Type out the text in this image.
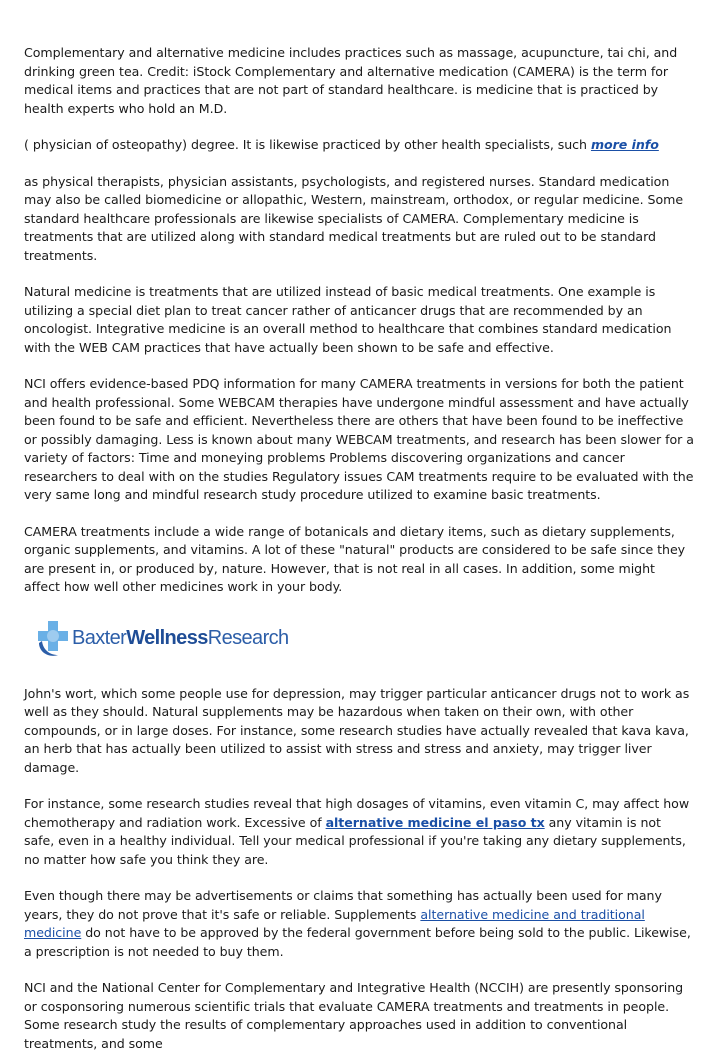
Complementary and alternative medicine includes practices such as massage, acupuncture, tai chi, and drinking green tea. Credit: iStock Complementary and alternative medication (CAMERA) is the term for medical items and practices that are not part of standard healthcare. is medicine that is practiced by health experts who hold an M.D.

( physician of osteopathy) degree. It is likewise practiced by other health specialists, such more info

as physical therapists, physician assistants, psychologists, and registered nurses. Standard medication may also be called biomedicine or allopathic, Western, mainstream, orthodox, or regular medicine. Some standard healthcare professionals are likewise specialists of CAMERA. Complementary medicine is treatments that are utilized along with standard medical treatments but are ruled out to be standard treatments.

Natural medicine is treatments that are utilized instead of basic medical treatments. One example is utilizing a special diet plan to treat cancer rather of anticancer drugs that are recommended by an oncologist. Integrative medicine is an overall method to healthcare that combines standard medication with the WEB CAM practices that have actually been shown to be safe and effective.

NCI offers evidence-based PDQ information for many CAMERA treatments in versions for both the patient and health professional. Some WEBCAM therapies have undergone mindful assessment and have actually been found to be safe and efficient. Nevertheless there are others that have been found to be ineffective or possibly damaging. Less is known about many WEBCAM treatments, and research has been slower for a variety of factors: Time and moneying problems Problems discovering organizations and cancer researchers to deal with on the studies Regulatory issues CAM treatments require to be evaluated with the very same long and mindful research study procedure utilized to examine basic treatments.

CAMERA treatments include a wide range of botanicals and dietary items, such as dietary supplements, organic supplements, and vitamins. A lot of these "natural" products are considered to be safe since they are present in, or produced by, nature. However, that is not real in all cases. In addition, some might affect how well other medicines work in your body.

BaxterWellnessResearch

John's wort, which some people use for depression, may trigger particular anticancer drugs not to work as well as they should. Natural supplements may be hazardous when taken on their own, with other compounds, or in large doses. For instance, some research studies have actually revealed that kava kava, an herb that has actually been utilized to assist with stress and stress and anxiety, may trigger liver damage.

For instance, some research studies reveal that high dosages of vitamins, even vitamin C, may affect how chemotherapy and radiation work. Excessive of alternative medicine el paso tx any vitamin is not safe, even in a healthy individual. Tell your medical professional if you're taking any dietary supplements, no matter how safe you think they are.

Even though there may be advertisements or claims that something has actually been used for many years, they do not prove that it's safe or reliable. Supplements alternative medicine and traditional medicine do not have to be approved by the federal government before being sold to the public. Likewise, a prescription is not needed to buy them.

NCI and the National Center for Complementary and Integrative Health (NCCIH) are presently sponsoring or cosponsoring numerous scientific trials that evaluate CAMERA treatments and treatments in people. Some research study the results of complementary approaches used in addition to conventional treatments, and some
